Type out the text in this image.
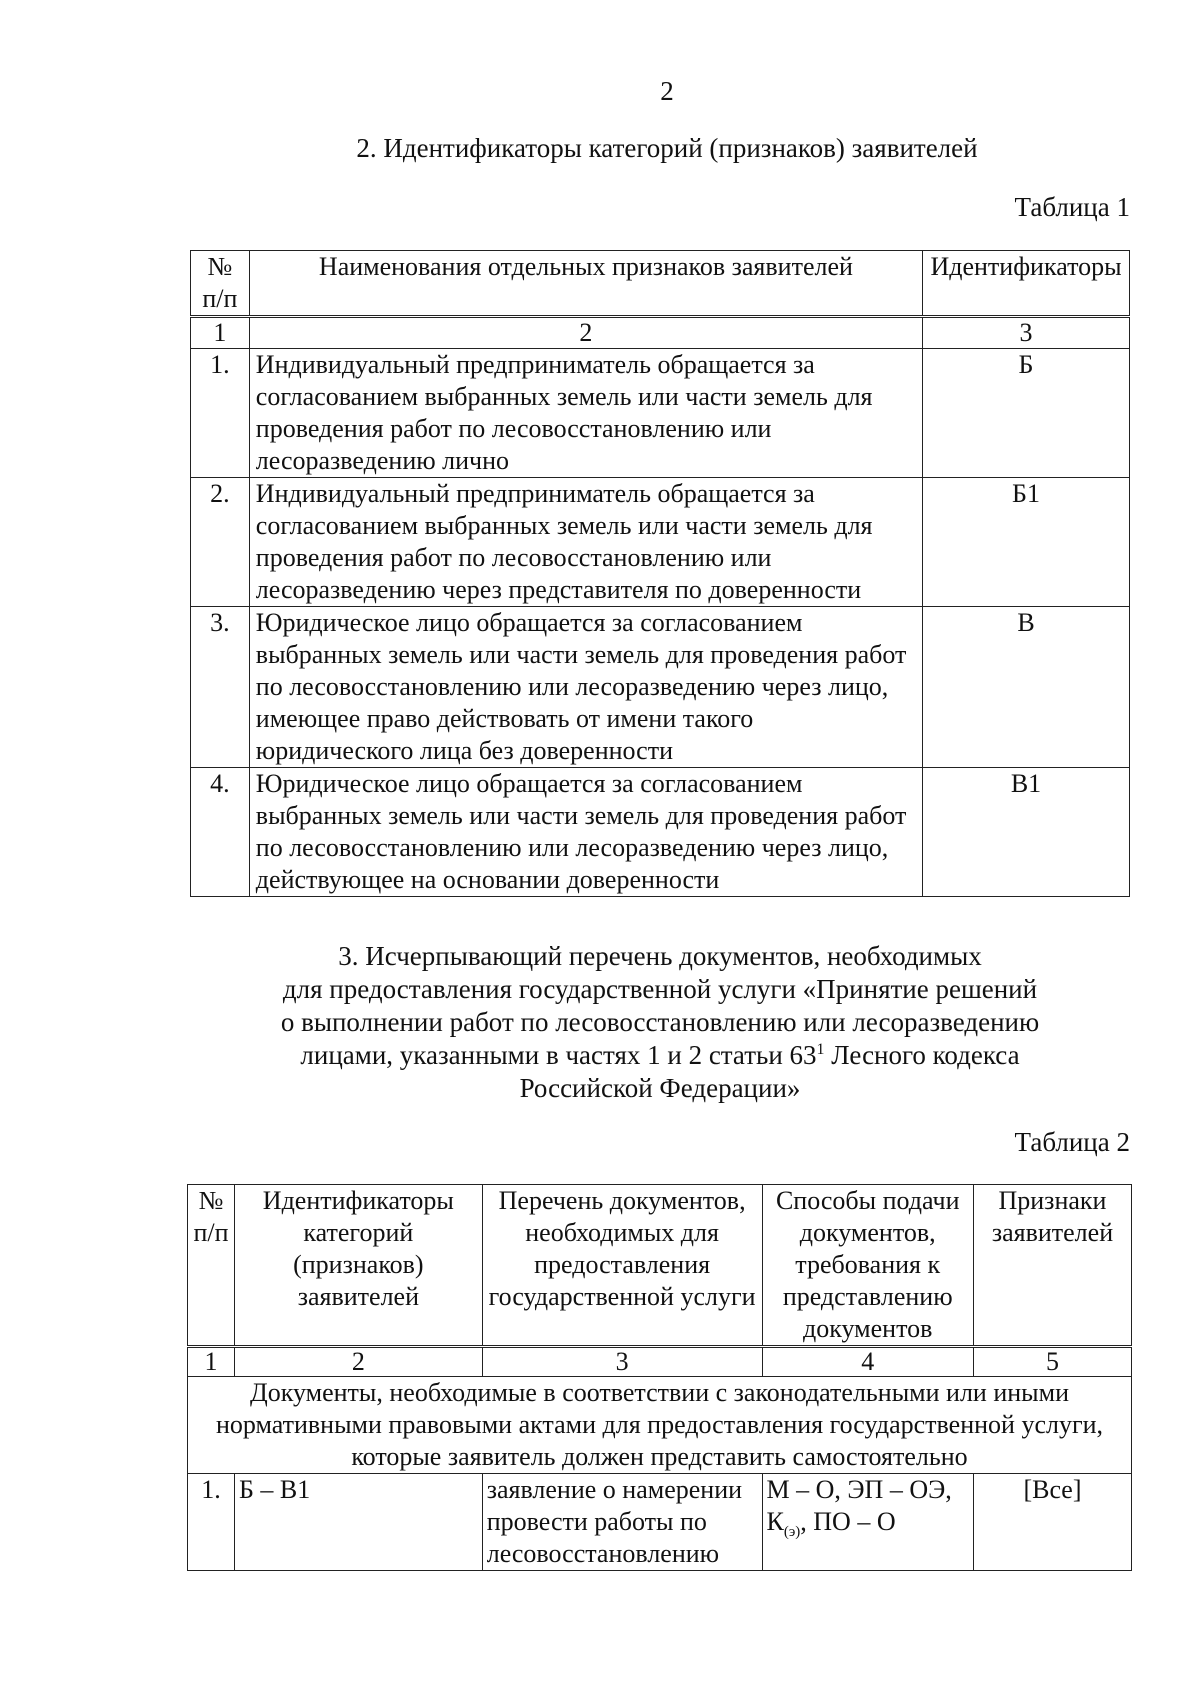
2
2. Идентификаторы категорий (признаков) заявителей
Таблица 1
№ п/п	Наименования отдельных признаков заявителей	Идентификаторы
1	2	3
1.	Индивидуальный предприниматель обращается за согласованием выбранных земель или части земель для проведения работ по лесовосстановлению или лесоразведению лично	Б
2.	Индивидуальный предприниматель обращается за согласованием выбранных земель или части земель для проведения работ по лесовосстановлению или лесоразведению через представителя по доверенности	Б1
3.	Юридическое лицо обращается за согласованием выбранных земель или части земель для проведения работ по лесовосстановлению или лесоразведению через лицо, имеющее право действовать от имени такого юридического лица без доверенности	В
4.	Юридическое лицо обращается за согласованием выбранных земель или части земель для проведения работ по лесовосстановлению или лесоразведению через лицо, действующее на основании доверенности	В1
3. Исчерпывающий перечень документов, необходимых
для предоставления государственной услуги «Принятие решений
о выполнении работ по лесовосстановлению или лесоразведению
лицами, указанными в частях 1 и 2 статьи $63^1$ Лесного кодекса
Российской Федерации»
Таблица 2
№ п/п	Идентификаторы категорий (признаков) заявителей	Перечень документов, необходимых для предоставления государственной услуги	Способы подачи документов, требования к представлению документов	Признаки заявителей
1	2	3	4	5
Документы, необходимые в соответствии с законодательными или иными нормативными правовыми актами для предоставления государственной услуги, которые заявитель должен представить самостоятельно				
1.	Б – В1	заявление о намерении провести работы по лесовосстановлению	М – О, ЭП – ОЭ, $К_{(э)}$, ПО – О	[Все]
